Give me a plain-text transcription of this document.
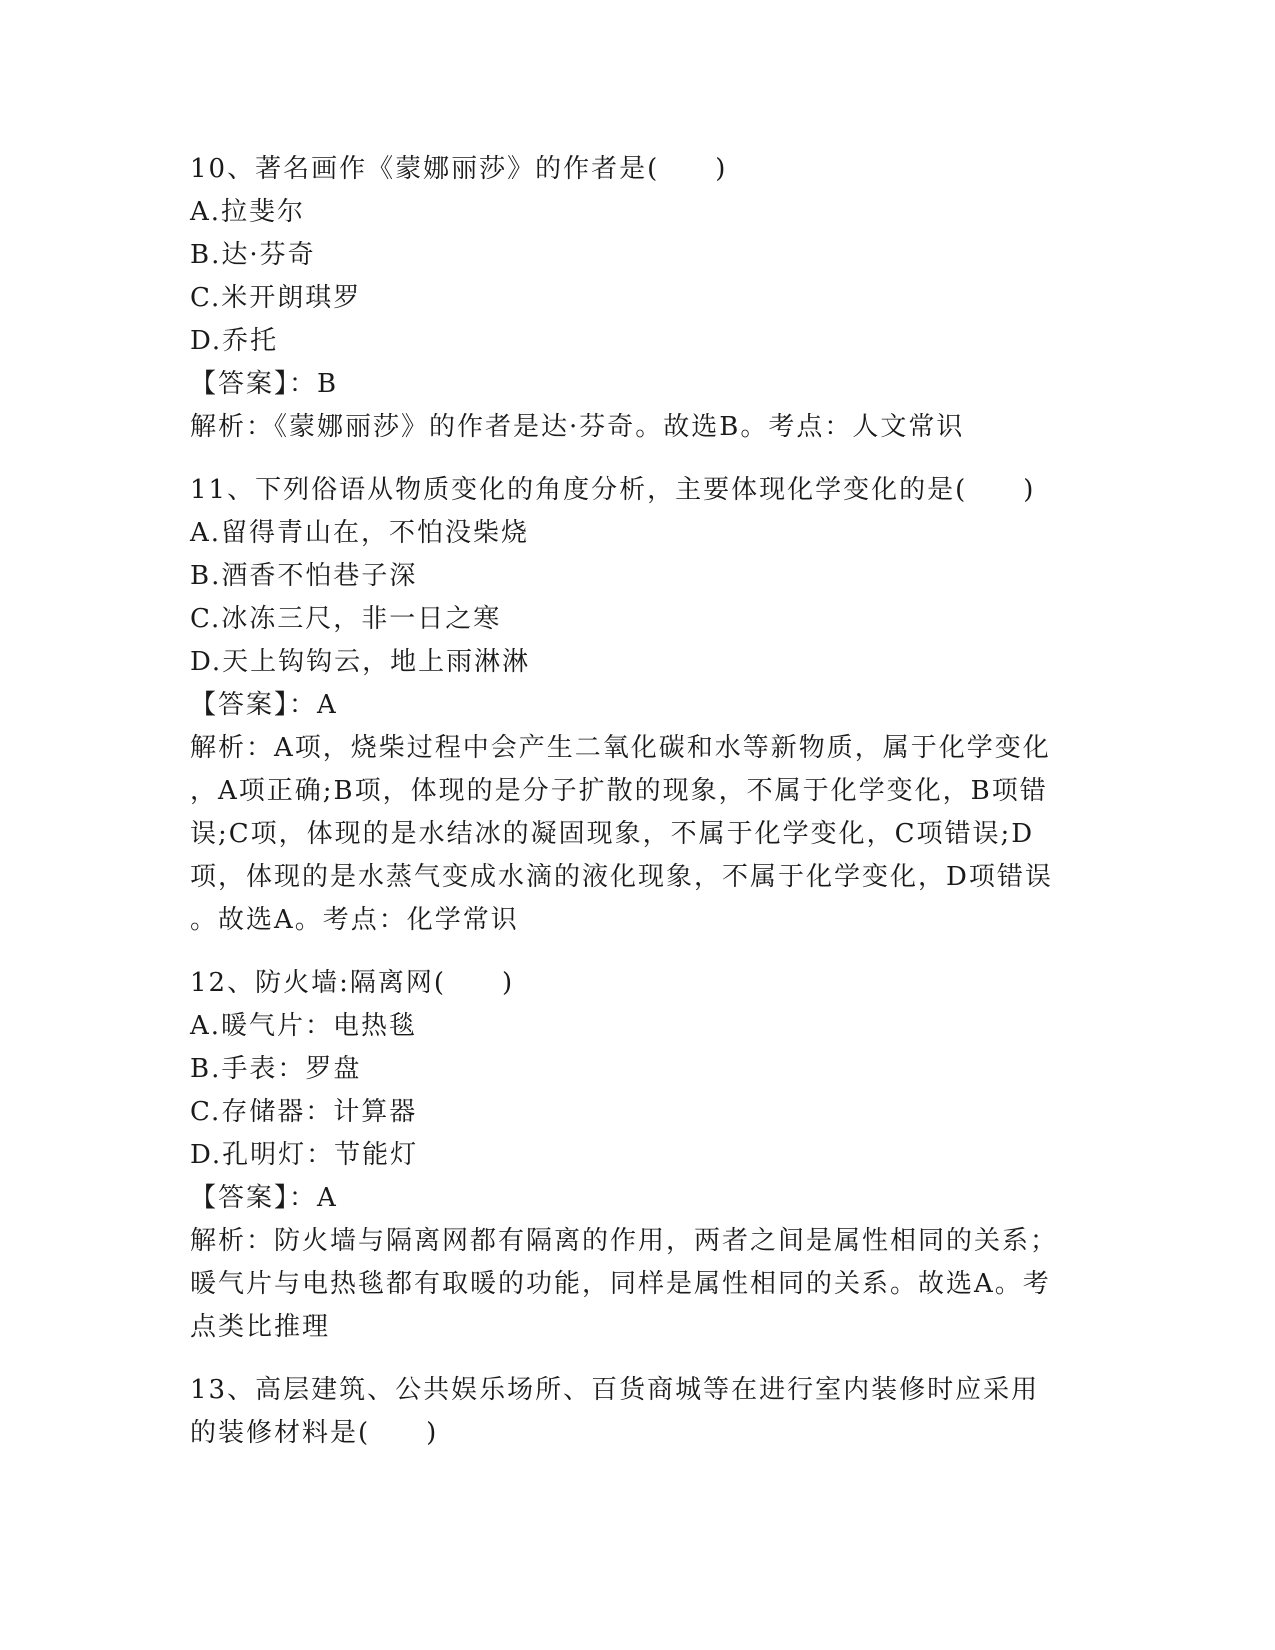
10、著名画作《蒙娜丽莎》的作者是(　　)
A.拉斐尔
B.达·芬奇
C.米开朗琪罗
D.乔托
【答案】：B
解析：《蒙娜丽莎》的作者是达·芬奇。故选B。考点：人文常识
11、下列俗语从物质变化的角度分析，主要体现化学变化的是(　　)
A.留得青山在，不怕没柴烧
B.酒香不怕巷子深
C.冰冻三尺，非一日之寒
D.天上钩钩云，地上雨淋淋
【答案】：A
解析：A项，烧柴过程中会产生二氧化碳和水等新物质，属于化学变化
，A项正确;B项，体现的是分子扩散的现象，不属于化学变化，B项错
误;C项，体现的是水结冰的凝固现象，不属于化学变化，C项错误;D
项，体现的是水蒸气变成水滴的液化现象，不属于化学变化，D项错误
。故选A。考点：化学常识
12、防火墙:隔离网(　　)
A.暖气片：电热毯
B.手表：罗盘
C.存储器：计算器
D.孔明灯：节能灯
【答案】：A
解析：防火墙与隔离网都有隔离的作用，两者之间是属性相同的关系；
暖气片与电热毯都有取暖的功能，同样是属性相同的关系。故选A。考
点类比推理
13、高层建筑、公共娱乐场所、百货商城等在进行室内装修时应采用
的装修材料是(　　)
